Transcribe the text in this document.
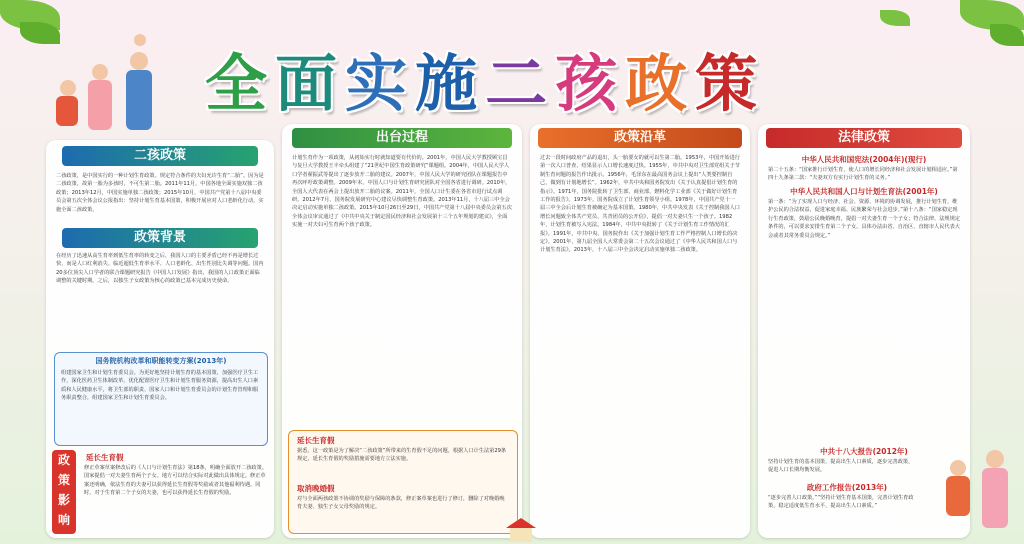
全面实施二孩政策
二孩政策
二孩政策，是中国实行的一种计划生育政策。规定符合条件的夫妇允许生育“二胎”。因为是二孩政策，故第一胎为多孩时，不可生第二胎。2011年11月，中国各地全面实施双独二孩政策；2013年12月，中国实施单独二孩政策；2015年10月，中国共产党第十八届中央委员会第五次全体会议公报指出：坚持计划生育基本国策，积极开展应对人口老龄化行动，实施全面二孩政策。
政策背景
在经历了迅速从高生育率到低生育率的转变之后，我国人口的主要矛盾已经不再是增长过快，而是人口红利消失、临近超低生育率水平、人口老龄化、出生性别比失调等问题。国内20多位顶尖人口学者的联合课题研究报告《中国人口发展》指出，我国的人口政策正面临调整的关键时期。之后，以独生子女政策为核心的政策已基本完成历史使命。
国务院机构改革和职能转变方案(2013年)
组建国家卫生和计划生育委员会。为更好地坚持计划生育的基本国策，加强医疗卫生工作，深化医药卫生体制改革，优化配置医疗卫生和计划生育服务资源，提高出生人口素质和人民健康水平，将卫生部的职责、国家人口和计划生育委员会的计划生育管理和服务职责整合，组建国家卫生和计划生育委员会。
政
策
影
响
延长生育假
修正草案草案修改后的《人口与计划生育法》第18条，明确全面放开二孩政策。国家提倡一对夫妻生育两个子女。地方可以结合实际对此做出具体规定。修正草案还明确，依法生育的夫妻可以获得延长生育假等奖励或者其他福利待遇。同时，对于生育第二个子女的夫妻，也可以获得延长生育假的奖励。
出台过程
计划生育作为一项政策，从初始实行时就知道要有代价的。2001年，中国人民大学教授顾宝昌与复旦大学教授王丰牵头组建了“21世纪中国生育政策研究”课题组。2004年，中国人民大学人口学者翟振武等提出了逐步放开二胎的建议。2007年，中国人民大学的研究团队在课题报告中再次呼吁政策调整。2009年末，中国人口与计划生育研究团队对全国各省进行调研。2010年，全国人大代表在两会上提出放开二胎的议案。2011年，全国人口计生委在各省市进行试点调研。2012年7月，国务院发展研究中心建议尽快调整生育政策。2013年11月，十八届三中全会决定启动实施单独二孩政策。2015年10月26日至29日，中国共产党第十八届中央委员会第五次全体会议审议通过了《中共中央关于制定国民经济和社会发展第十三个五年规划的建议》，全面实施一对夫妇可生育两个孩子政策。
延长生育假
据悉，这一政策是为了解决“二孩政策”所带来的生育假不足的问题。根据人口计生法第29条规定，延长生育假的奖励措施需要地方立法实施。
取消晚婚假
对与全面两孩政策不协调的奖励与保障的条款，修正案草案也进行了修订，删除了对晚婚晚育夫妻、独生子女父母奖励的规定。
政策沿革
过去一段时间政府产品的退出，头一胎要女的就可以生第二胎。1953年，中国开始进行第一次人口普查，结果显示人口增长速度过快。1955年，中共中央对卫生部党组关于节制生育问题的报告作出批示。1956年，毛泽东在最高国务会议上提出“人类要控制自己，做到有计划地增长”。1962年，中共中央和国务院发出《关于认真提倡计划生育的指示》。1971年，国务院批转了卫生部、商业部、燃料化学工业部《关于做好计划生育工作的报告》。1973年，国务院成立了计划生育领导小组。1978年，中国共产党十一届三中全会后计划生育被确定为基本国策。1980年，中共中央发表《关于控制我国人口增长问题致全体共产党员、共青团员的公开信》，提倡一对夫妻只生一个孩子。1982年，计划生育被写入宪法。1984年，中共中央批转了《关于计划生育工作情况的汇报》。1991年，中共中央、国务院作出《关于加强计划生育工作严格控制人口增长的决定》。2001年，第九届全国人大常委会第二十五次会议通过了《中华人民共和国人口与计划生育法》。2013年，十八届三中全会决定启动实施单独二孩政策。
法律政策
中华人民共和国宪法(2004年)(现行)
第二十五条：“国家推行计划生育，使人口的增长同经济和社会发展计划相适应。”第四十九条第二款：“夫妻双方有实行计划生育的义务。”
中华人民共和国人口与计划生育法(2001年)
第一条：“为了实现人口与经济、社会、资源、环境的协调发展，推行计划生育，维护公民的合法权益，促进家庭幸福、民族繁荣与社会进步。”第十八条：“国家稳定现行生育政策，鼓励公民晚婚晚育，提倡一对夫妻生育一个子女；符合法律、法规规定条件的，可以要求安排生育第二个子女。具体办法由省、自治区、直辖市人民代表大会或者其常务委员会规定。”
中共十八大报告(2012年)
坚持计划生育的基本国策，提高出生人口素质，逐步完善政策，促进人口长期均衡发展。
政府工作报告(2013年)
“逐步完善人口政策。”“坚持计划生育基本国策，完善计划生育政策，稳定适度低生育水平，提高出生人口素质。”
